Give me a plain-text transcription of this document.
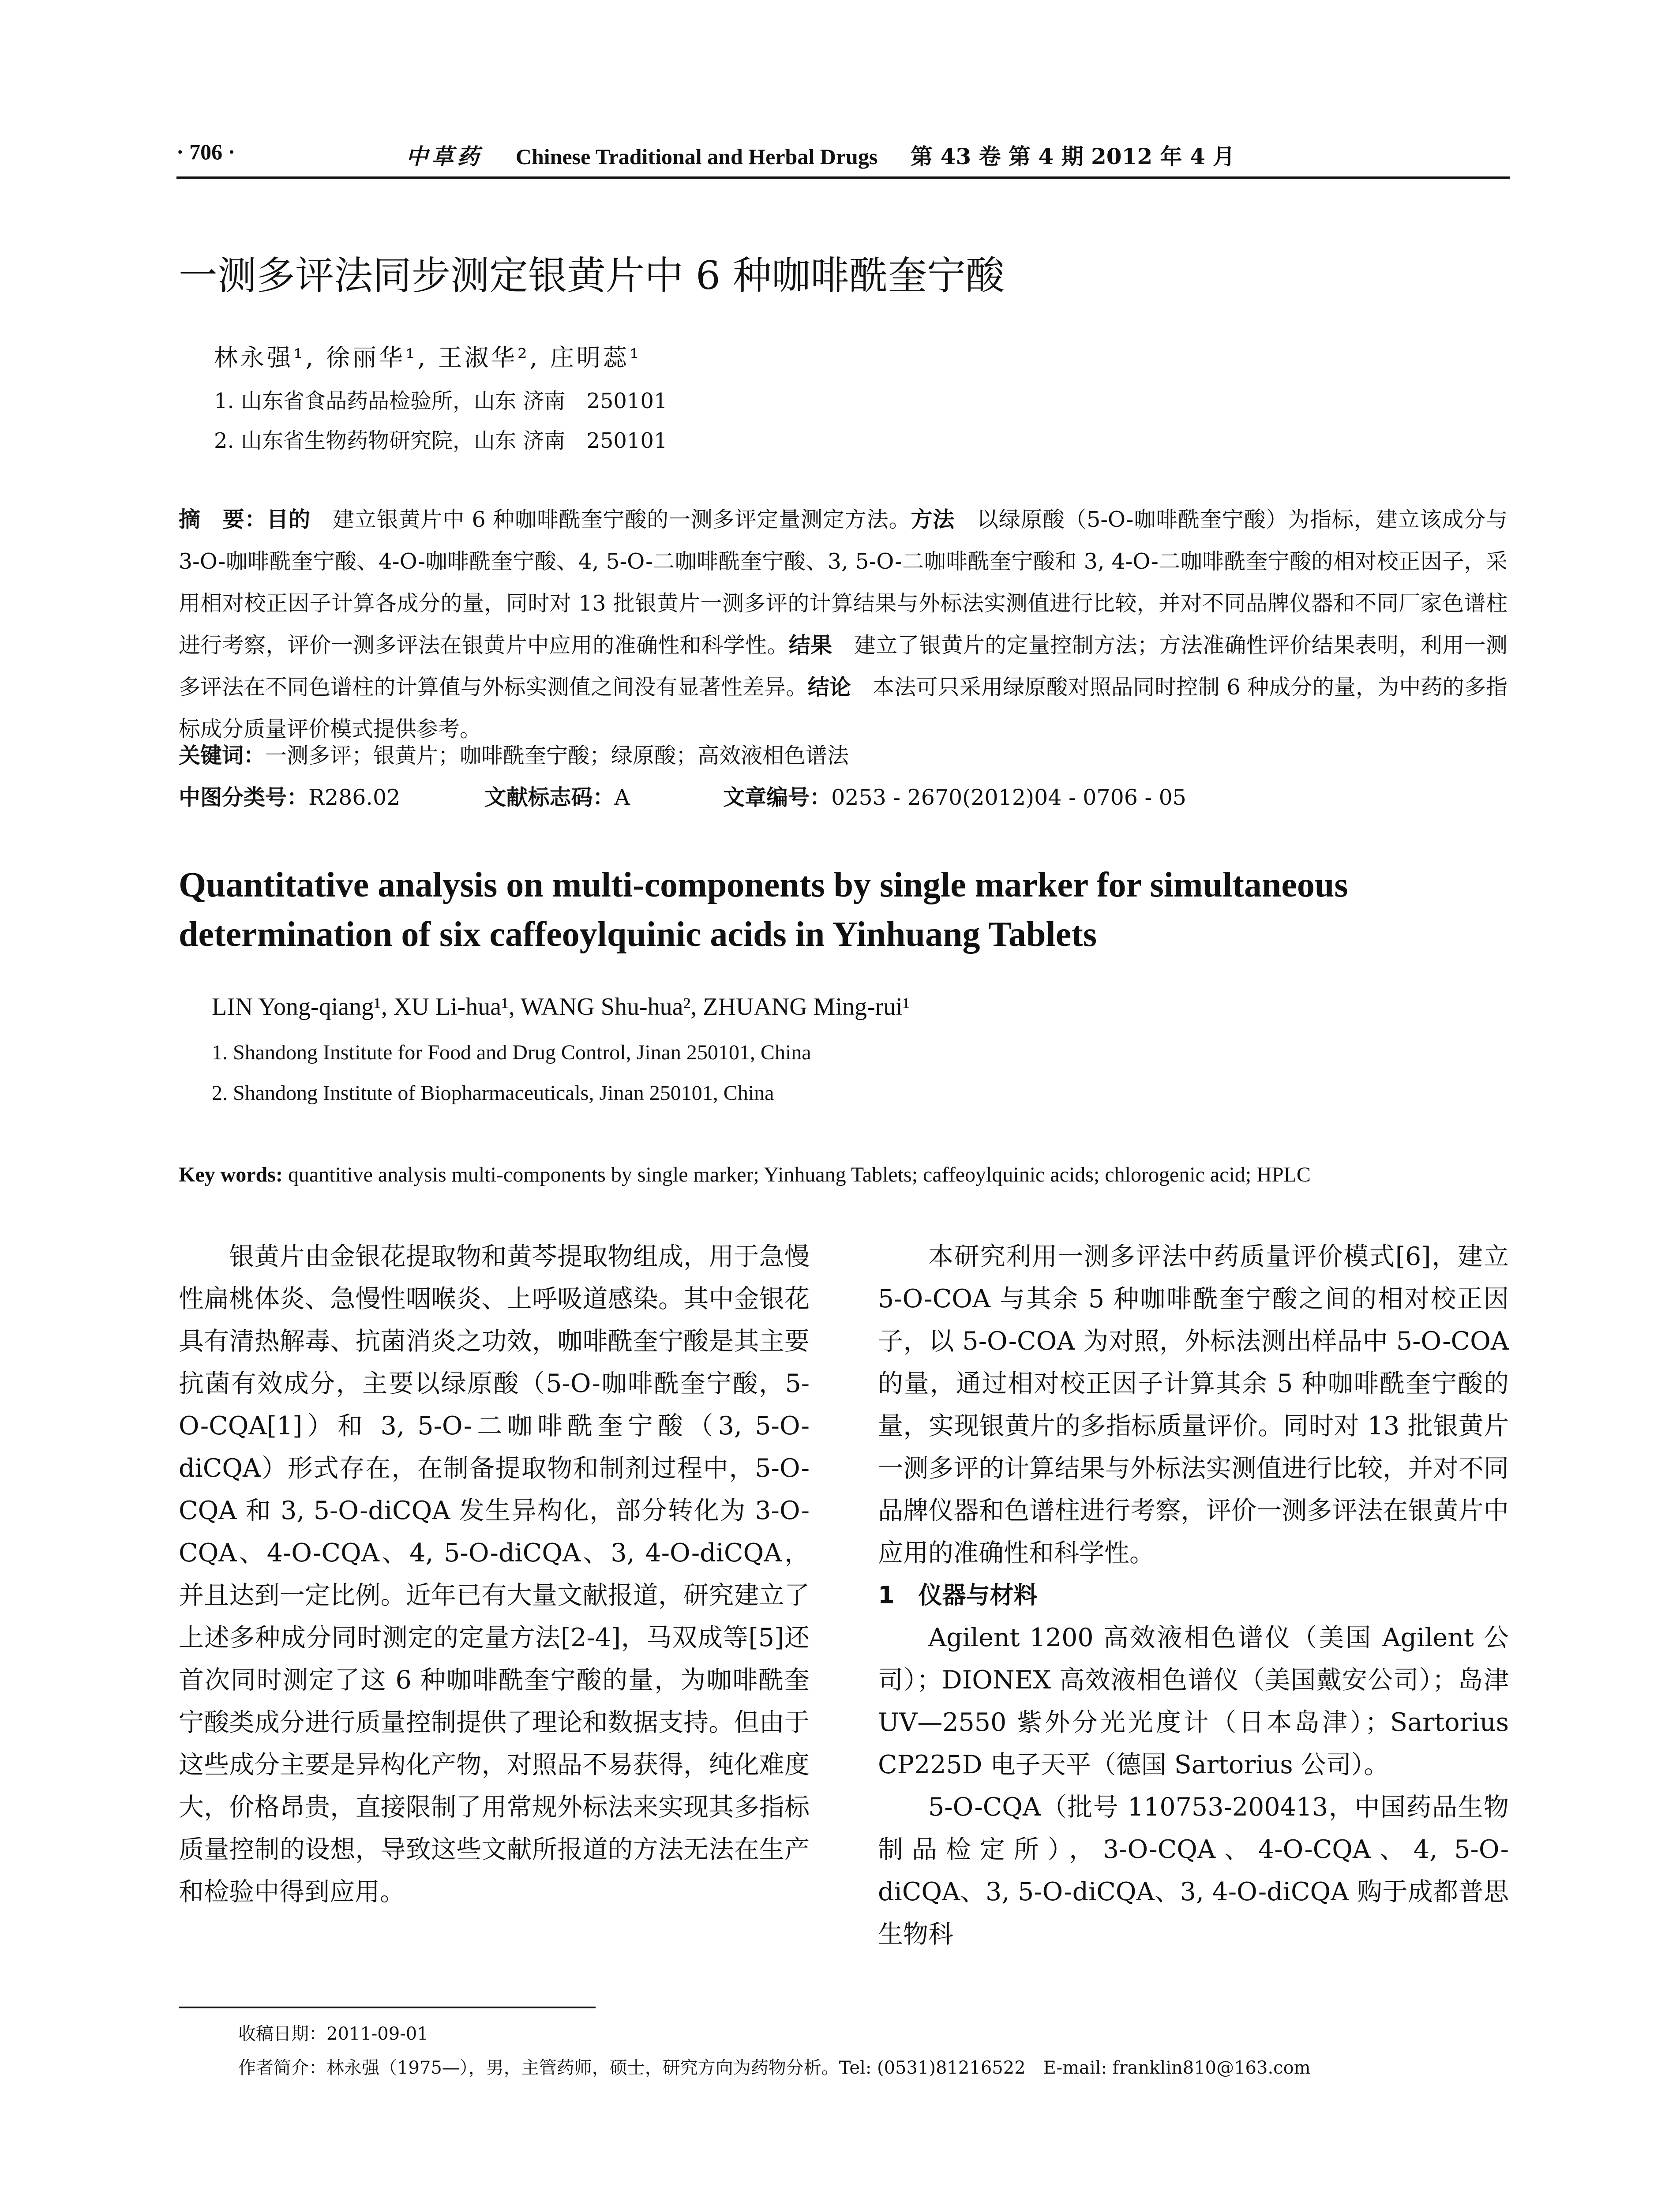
· 706 ·	中草药 Chinese Traditional and Herbal Drugs 第 43 卷 第 4 期 2012 年 4 月
一测多评法同步测定银黄片中 6 种咖啡酰奎宁酸
林永强¹, 徐丽华¹, 王淑华², 庄明蕊¹
1. 山东省食品药品检验所，山东 济南　250101
2. 山东省生物药物研究院，山东 济南　250101

摘　要：目的　 建立银黄片中 6 种咖啡酰奎宁酸的一测多评定量测定方法。方法　 以绿原酸（5-O-咖啡酰奎宁酸）为指标，建立该成分与 3-O-咖啡酰奎宁酸、4-O-咖啡酰奎宁酸、4, 5-O-二咖啡酰奎宁酸、3, 5-O-二咖啡酰奎宁酸和 3, 4-O-二咖啡酰奎宁酸的相对校正因子，采用相对校正因子计算各成分的量，同时对 13 批银黄片一测多评的计算结果与外标法实测值进行比较，并对不同品牌仪器和不同厂家色谱柱进行考察，评价一测多评法在银黄片中应用的准确性和科学性。结果　 建立了银黄片的定量控制方法；方法准确性评价结果表明，利用一测多评法在不同色谱柱的计算值与外标实测值之间没有显著性差异。结论　 本法可只采用绿原酸对照品同时控制 6 种成分的量，为中药的多指标成分质量评价模式提供参考。

关键词：一测多评；银黄片；咖啡酰奎宁酸；绿原酸；高效液相色谱法
中图分类号：R286.02	文献标志码：A	文章编号：0253 - 2670(2012)04 - 0706 - 05
Quantitative analysis on multi-components by single marker for simultaneous determination of six caffeoylquinic acids in Yinhuang Tablets
LIN Yong-qiang¹, XU Li-hua¹, WANG Shu-hua², ZHUANG Ming-rui¹
1. Shandong Institute for Food and Drug Control, Jinan 250101, China
2. Shandong Institute of Biopharmaceuticals, Jinan 250101, China
Key words: quantitive analysis multi-components by single marker; Yinhuang Tablets; caffeoylquinic acids; chlorogenic acid; HPLC

银黄片由金银花提取物和黄芩提取物组成，用于急慢性扁桃体炎、急慢性咽喉炎、上呼吸道感染。其中金银花具有清热解毒、抗菌消炎之功效，咖啡酰奎宁酸是其主要抗菌有效成分，主要以绿原酸（5-O-咖啡酰奎宁酸，5-O-CQA[1]）和 3, 5-O-二咖啡酰奎宁酸（3, 5-O-diCQA）形式存在，在制备提取物和制剂过程中，5-O-CQA 和 3, 5-O-diCQA 发生异构化，部分转化为 3-O-CQA、4-O-CQA、4, 5-O-diCQA、3, 4-O-diCQA，并且达到一定比例。近年已有大量文献报道，研究建立了上述多种成分同时测定的定量方法[2-4]，马双成等[5]还首次同时测定了这 6 种咖啡酰奎宁酸的量，为咖啡酰奎宁酸类成分进行质量控制提供了理论和数据支持。但由于这些成分主要是异构化产物，对照品不易获得，纯化难度大，价格昂贵，直接限制了用常规外标法来实现其多指标质量控制的设想，导致这些文献所报道的方法无法在生产和检验中得到应用。

本研究利用一测多评法中药质量评价模式[6]，建立 5-O-COA 与其余 5 种咖啡酰奎宁酸之间的相对校正因子，以 5-O-COA 为对照，外标法测出样品中 5-O-COA 的量，通过相对校正因子计算其余 5 种咖啡酰奎宁酸的量，实现银黄片的多指标质量评价。同时对 13 批银黄片一测多评的计算结果与外标法实测值进行比较，并对不同品牌仪器和色谱柱进行考察，评价一测多评法在银黄片中应用的准确性和科学性。

1　仪器与材料

Agilent 1200 高效液相色谱仪（美国 Agilent 公司）；DIONEX 高效液相色谱仪（美国戴安公司）；岛津 UV—2550 紫外分光光度计（日本岛津）；Sartorius CP225D 电子天平（德国 Sartorius 公司）。

5-O-CQA（批号 110753-200413，中国药品生物制品检定所），3-O-CQA、4-O-CQA、4, 5-O-diCQA、3, 5-O-diCQA、3, 4-O-diCQA 购于成都普思生物科

收稿日期：2011-09-01
作者简介：林永强（1975—），男，主管药师，硕士，研究方向为药物分析。Tel: (0531)81216522　E-mail: franklin810@163.com
